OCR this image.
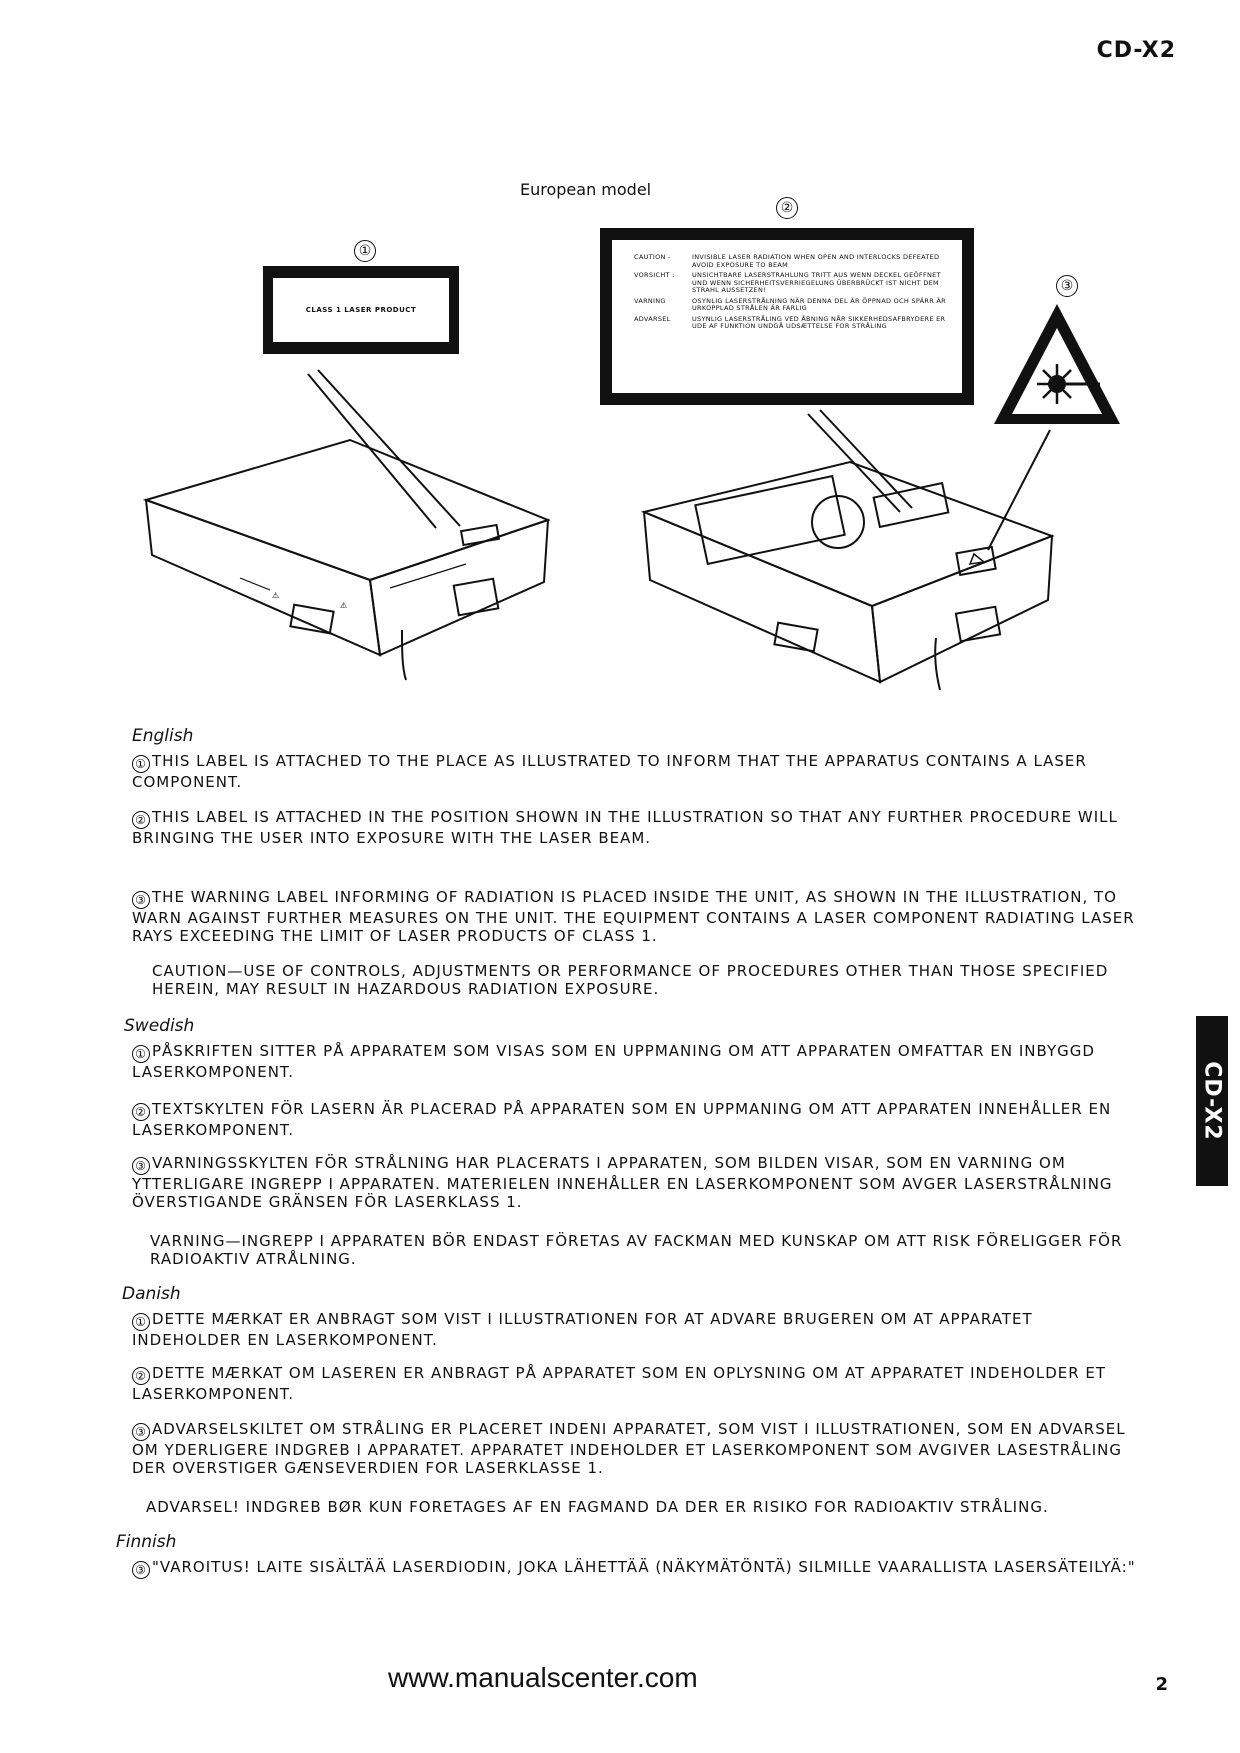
CD-X2
European model
①
②
③
CLASS 1 LASER PRODUCT
CAUTION -	INVISIBLE LASER RADIATION WHEN OPEN AND INTERLOCKS DEFEATED AVOID EXPOSURE TO BEAM
VORSICHT :	UNSICHTBARE LASERSTRAHLUNG TRITT AUS WENN DECKEL GEÖFFNET UND WENN SICHERHEITSVERRIEGELUNG ÜBERBRÜCKT IST NICHT DEM STRAHL AUSSETZEN!
VARNING	OSYNLIG LASERSTRÅLNING NÄR DENNA DEL ÄR ÖPPNAD OCH SPÄRR ÄR URKOPPLAD STRÅLEN ÄR FARLIG
ADVARSEL	USYNLIG LASERSTRÅLING VED ÅBNING NÅR SIKKERHEDSAFBRYDERE ER UDE AF FUNKTION UNDGÅ UDSÆTTELSE FOR STRÅLING
⚠
⚠
English
① THIS LABEL IS ATTACHED TO THE PLACE AS ILLUSTRATED TO INFORM THAT THE APPARATUS CONTAINS A LASER COMPONENT.
② THIS LABEL IS ATTACHED IN THE POSITION SHOWN IN THE ILLUSTRATION SO THAT ANY FURTHER PROCEDURE WILL BRINGING THE USER INTO EXPOSURE WITH THE LASER BEAM.
③ THE WARNING LABEL INFORMING OF RADIATION IS PLACED INSIDE THE UNIT, AS SHOWN IN THE ILLUSTRATION, TO WARN AGAINST FURTHER MEASURES ON THE UNIT. THE EQUIPMENT CONTAINS A LASER COMPONENT RADIATING LASER RAYS EXCEEDING THE LIMIT OF LASER PRODUCTS OF CLASS 1.
CAUTION—USE OF CONTROLS, ADJUSTMENTS OR PERFORMANCE OF PROCEDURES OTHER THAN THOSE SPECIFIED HEREIN, MAY RESULT IN HAZARDOUS RADIATION EXPOSURE.
Swedish
① PÅSKRIFTEN SITTER PÅ APPARATEM SOM VISAS SOM EN UPPMANING OM ATT APPARATEN OMFATTAR EN INBYGGD LASERKOMPONENT.
② TEXTSKYLTEN FÖR LASERN ÄR PLACERAD PÅ APPARATEN SOM EN UPPMANING OM ATT APPARATEN INNEHÅLLER EN LASERKOMPONENT.
③ VARNINGSSKYLTEN FÖR STRÅLNING HAR PLACERATS I APPARATEN, SOM BILDEN VISAR, SOM EN VARNING OM YTTERLIGARE INGREPP I APPARATEN. MATERIELEN INNEHÅLLER EN LASERKOMPONENT SOM AVGER LASERSTRÅLNING ÖVERSTIGANDE GRÄNSEN FÖR LASERKLASS 1.
VARNING—INGREPP I APPARATEN BÖR ENDAST FÖRETAS AV FACKMAN MED KUNSKAP OM ATT RISK FÖRELIGGER FÖR RADIOAKTIV ATRÅLNING.
Danish
① DETTE MÆRKAT ER ANBRAGT SOM VIST I ILLUSTRATIONEN FOR AT ADVARE BRUGEREN OM AT APPARATET INDEHOLDER EN LASERKOMPONENT.
② DETTE MÆRKAT OM LASEREN ER ANBRAGT PÅ APPARATET SOM EN OPLYSNING OM AT APPARATET INDEHOLDER ET LASERKOMPONENT.
③ ADVARSELSKILTET OM STRÅLING ER PLACERET INDENI APPARATET, SOM VIST I ILLUSTRATIONEN, SOM EN ADVARSEL OM YDERLIGERE INDGREB I APPARATET. APPARATET INDEHOLDER ET LASERKOMPONENT SOM AVGIVER LASESTRÅLING DER OVERSTIGER GÆNSEVERDIEN FOR LASERKLASSE 1.
ADVARSEL! INDGREB BØR KUN FORETAGES AF EN FAGMAND DA DER ER RISIKO FOR RADIOAKTIV STRÅLING.
Finnish
③ "VAROITUS! LAITE SISÄLTÄÄ LASERDIODIN, JOKA LÄHETTÄÄ (NÄKYMÄTÖNTÄ) SILMILLE VAARALLISTA LASERSÄTEILYÄ:"
CD-X2
www.manualscenter.com	2
